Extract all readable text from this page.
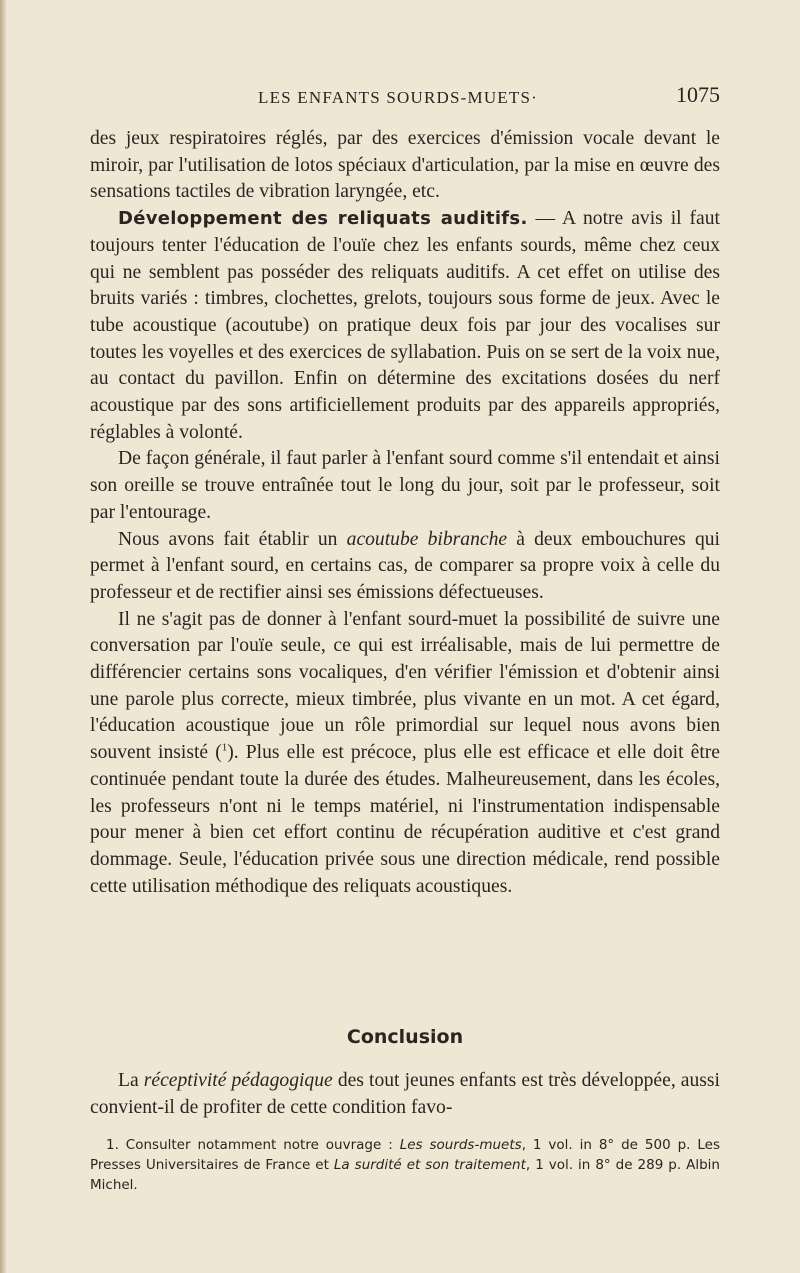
LES ENFANTS SOURDS-MUETS·	1075

des jeux respiratoires réglés, par des exercices d'émission vocale devant le miroir, par l'utilisation de lotos spéciaux d'articulation, par la mise en œuvre des sensations tactiles de vibration laryngée, etc.

Développement des reliquats auditifs. — A notre avis il faut toujours tenter l'éducation de l'ouïe chez les enfants sourds, même chez ceux qui ne semblent pas posséder des reliquats auditifs. A cet effet on utilise des bruits variés : timbres, clochettes, grelots, toujours sous forme de jeux. Avec le tube acoustique (acoutube) on pratique deux fois par jour des vocalises sur toutes les voyelles et des exercices de syllabation. Puis on se sert de la voix nue, au contact du pavillon. Enfin on détermine des excitations dosées du nerf acoustique par des sons artificiellement produits par des appareils appropriés, réglables à volonté.

De façon générale, il faut parler à l'enfant sourd comme s'il entendait et ainsi son oreille se trouve entraînée tout le long du jour, soit par le professeur, soit par l'entourage.

Nous avons fait établir un acoutube bibranche à deux embouchures qui permet à l'enfant sourd, en certains cas, de comparer sa propre voix à celle du professeur et de rectifier ainsi ses émissions défectueuses.

Il ne s'agit pas de donner à l'enfant sourd-muet la possibilité de suivre une conversation par l'ouïe seule, ce qui est irréalisable, mais de lui permettre de différencier certains sons vocaliques, d'en vérifier l'émission et d'obtenir ainsi une parole plus correcte, mieux timbrée, plus vivante en un mot. A cet égard, l'éducation acoustique joue un rôle primordial sur lequel nous avons bien souvent insisté ($^1$). Plus elle est précoce, plus elle est efficace et elle doit être continuée pendant toute la durée des études. Malheureusement, dans les écoles, les professeurs n'ont ni le temps matériel, ni l'instrumentation indispensable pour mener à bien cet effort continu de récupération auditive et c'est grand dommage. Seule, l'éducation privée sous une direction médicale, rend possible cette utilisation méthodique des reliquats acoustiques.

Conclusion

La réceptivité pédagogique des tout jeunes enfants est très développée, aussi convient-il de profiter de cette condition favo-

1. Consulter notamment notre ouvrage : Les sourds-muets, 1 vol. in 8° de 500 p. Les Presses Universitaires de France et La surdité et son traitement, 1 vol. in 8° de 289 p. Albin Michel.
